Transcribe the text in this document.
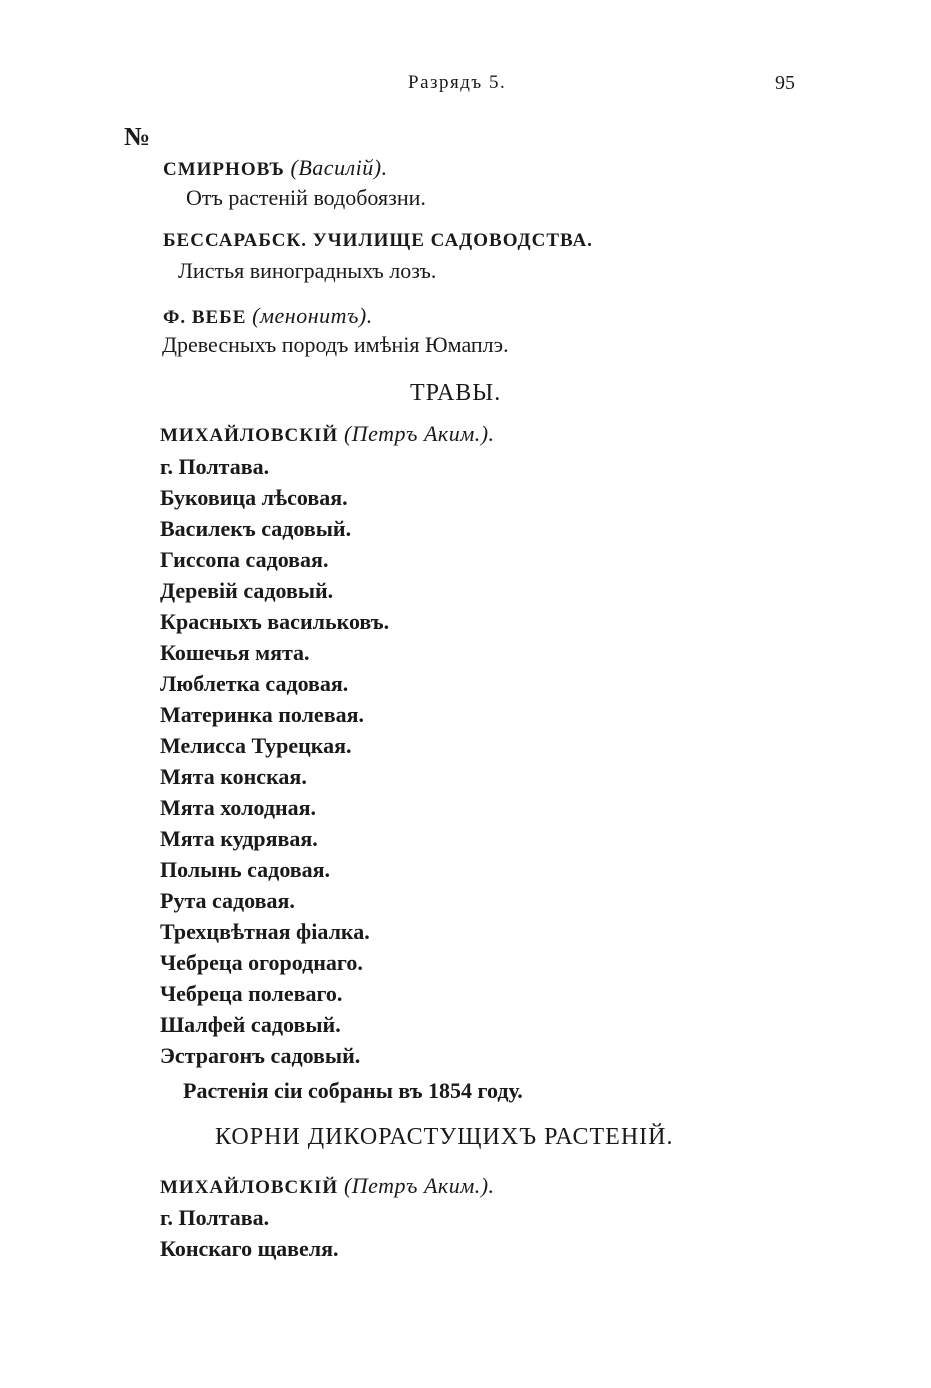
Разрядъ 5.	95
№
СМИРНОВЪ (Василій).
Отъ растеній водобоязни.
БЕССАРАБСК. УЧИЛИЩЕ САДОВОДСТВА.
Листья виноградныхъ лозъ.
Ф. ВЕБЕ (менонитъ).
Древесныхъ породъ имѣнія Юмаплэ.
ТРАВЫ.
МИХАЙЛОВСКІЙ (Петръ Аким.).
г. Полтава.
Буковица лѣсовая.
Василекъ садовый.
Гиссопа садовая.
Деревій садовый.
Красныхъ васильковъ.
Кошечья мята.
Люблетка садовая.
Материнка полевая.
Мелисса Турецкая.
Мята конская.
Мята холодная.
Мята кудрявая.
Полынь садовая.
Рута садовая.
Трехцвѣтная фіалка.
Чебреца огороднаго.
Чебреца полеваго.
Шалфей садовый.
Эстрагонъ садовый.
Растенія сіи собраны въ 1854 году.
КОРНИ ДИКОРАСТУЩИХЪ РАСТЕНІЙ.
МИХАЙЛОВСКІЙ (Петръ Аким.).
г. Полтава.
Конскаго щавеля.
